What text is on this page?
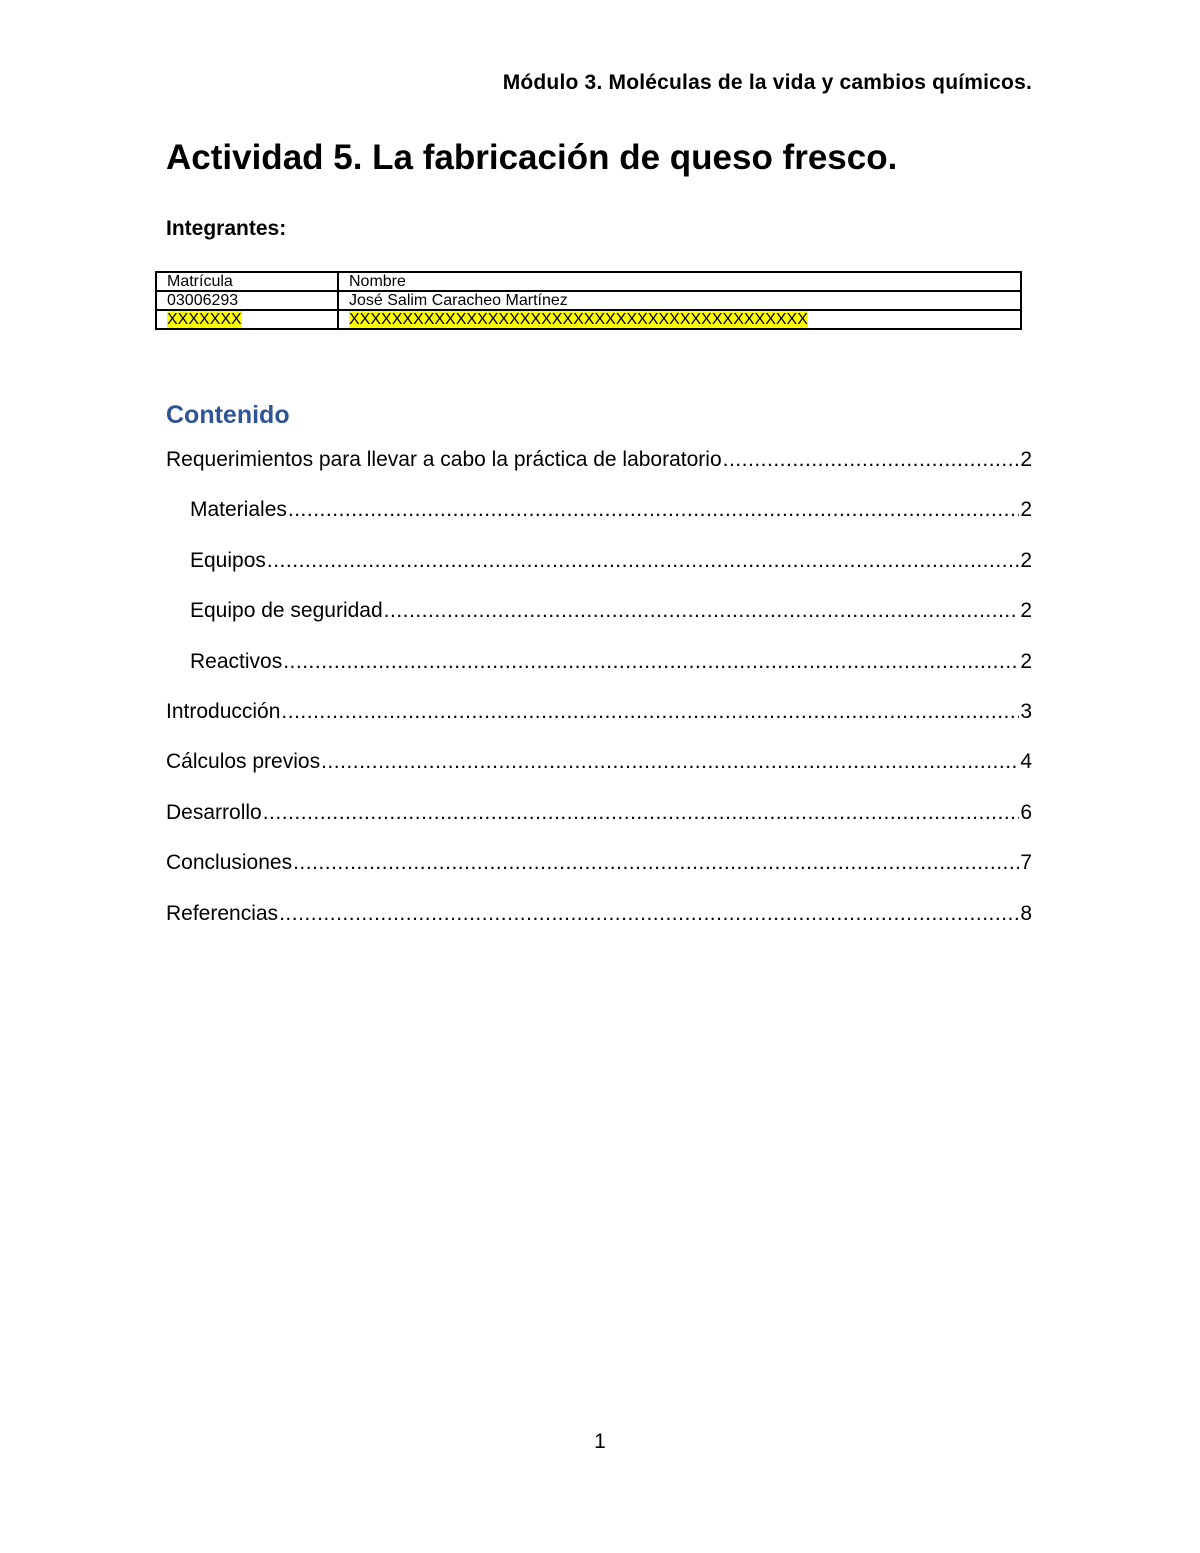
Módulo 3. Moléculas de la vida y cambios químicos.
Actividad 5. La fabricación de queso fresco.
Integrantes:
Matrícula	Nombre
03006293	José Salim Caracheo Martínez
XXXXXXX	XXXXXXXXXXXXXXXXXXXXXXXXXXXXXXXXXXXXXXXXXXX
Contenido
Requerimientos para llevar a cabo la práctica de laboratorio .....	2
Materiales .....	2
Equipos .....	2
Equipo de seguridad .....	2
Reactivos .....	2
Introducción .....	3
Cálculos previos .....	4
Desarrollo .....	6
Conclusiones .....	7
Referencias .....	8
1
